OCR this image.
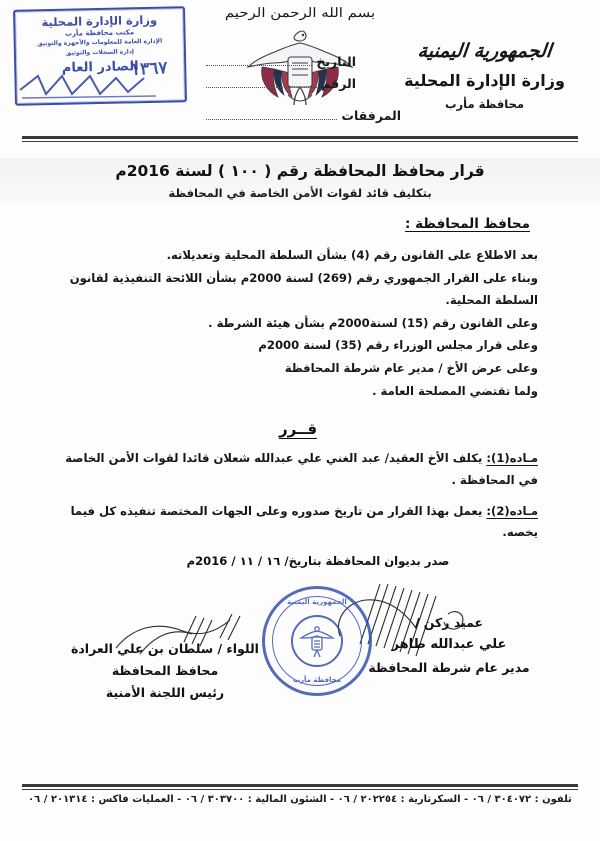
بسم الله الرحمن الرحيم
الجمهورية اليمنية
وزارة الإدارة المحلية
محافظة مأرب
التاريخ
الرقم
المرفقات
وزارة الإدارة المحلية
مكتب محافظة مأرب
الإدارة العامة للمعلومات والأجهزة والتوثيق
إدارة السجلات والتوثيق
الصادر العام
١٣٦٧
قرار محافظ المحافظة رقم ( ١٠٠ ) لسنة 2016م
بتكليف قائد لقوات الأمن الخاصة في المحافظة
محافظ المحافظة :
بعد الاطلاع على القانون رقم (4) بشأن السلطة المحلية وتعديلاته.
وبناء على القرار الجمهوري رقم (269) لسنة 2000م بشأن اللائحة التنفيذية لقانون السلطة المحلية.
وعلى القانون رقم (15) لسنة2000م بشأن هيئة الشرطة .
وعلى قرار مجلس الوزراء رقم (35) لسنة 2000م
وعلى عرض الأخ / مدير عام شرطة المحافظة
ولما تقتضي المصلحة العامة .
قــرر
مـاده(1): يكلف الأخ العقيد/ عبد الغني علي عبدالله شعلان قائدا لقوات الأمن الخاصة في المحافظة .
مـاده(2): يعمل بهذا القرار من تاريخ صدوره وعلى الجهات المختصة تنفيذه كل فيما يخصه.
صدر بديوان المحافظة بتاريخ/ ١٦ / ١١ / 2016م
عميد ركن /
علي عبدالله طاهر
مدير عام شرطة المحافظة
اللواء / سلطان بن علي العرادة
محافظ المحافظة
رئيس اللجنة الأمنية
الجمهورية اليمنية
محافظة مأرب
تلفون : ٣٠٤٠٧٢ / ٠٦ - السكرتارية : ٢٠٢٢٥٤ / ٠٦ - الشئون المالية : ٣٠٣٧٠٠ / ٠٦ - العمليات فاكس : ٢٠١٣١٤ / ٠٦
